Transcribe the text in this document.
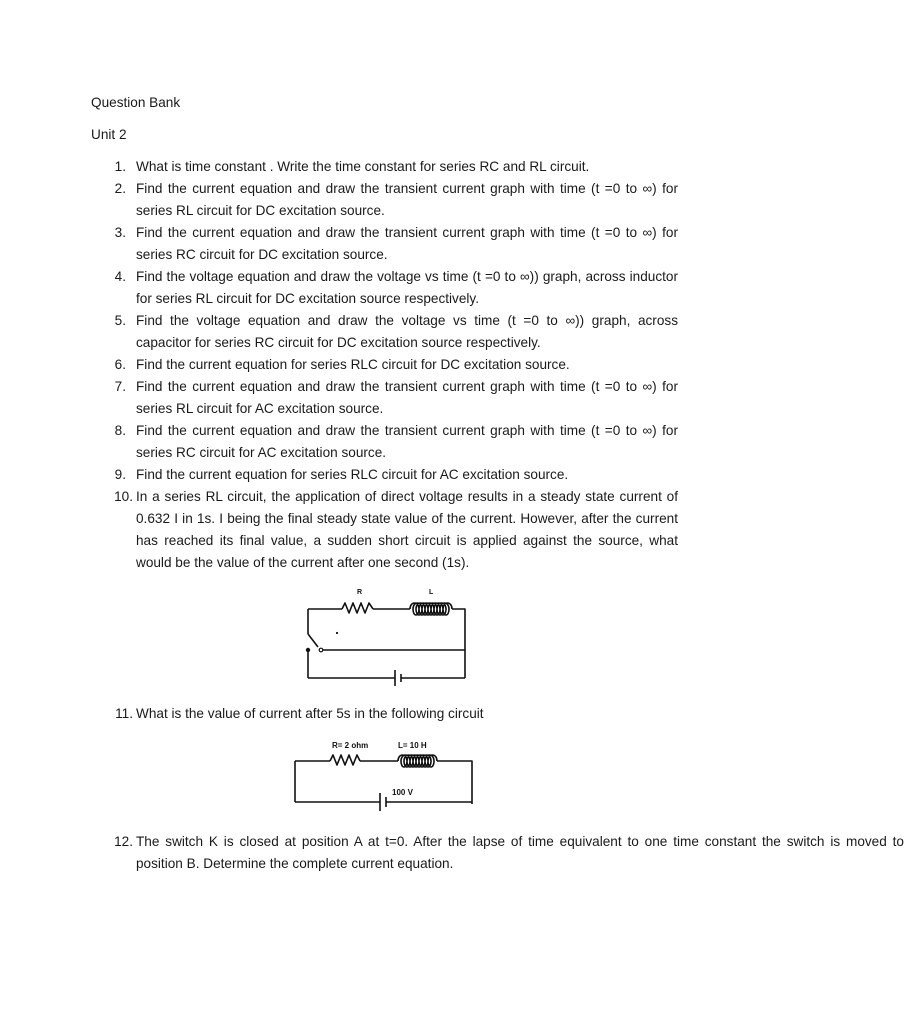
Question Bank
Unit 2
1. What is time constant . Write the time constant for series RC and RL circuit.
2. Find the current equation and draw the transient current graph with time (t =0 to ∞) for series RL circuit for DC excitation source.
3. Find the current equation and draw the transient current graph with time (t =0 to ∞) for series RC circuit for DC excitation source.
4. Find the voltage equation and draw the voltage vs time (t =0 to ∞)) graph, across inductor for series RL circuit for DC excitation source respectively.
5. Find the voltage equation and draw the voltage vs time (t =0 to ∞)) graph, across capacitor for series RC circuit for DC excitation source respectively.
6. Find the current equation for series RLC circuit for DC excitation source.
7. Find the current equation and draw the transient current graph with time (t =0 to ∞) for series RL circuit for AC excitation source.
8. Find the current equation and draw the transient current graph with time (t =0 to ∞) for series RC circuit for AC excitation source.
9. Find the current equation for series RLC circuit for AC excitation source.
10. In a series RL circuit, the application of direct voltage results in a steady state current of 0.632 I in 1s. I being the final steady state value of the current. However, after the current has reached its final value, a sudden short circuit is applied against the source, what would be the value of the current after one second (1s).
R	L
11. What is the value of current after 5s in the following circuit
R= 2 ohm	L= 10 H
100 V
12. The switch K is closed at position A at t=0. After the lapse of time equivalent to one time constant the switch is moved to position B. Determine the complete current equation.
